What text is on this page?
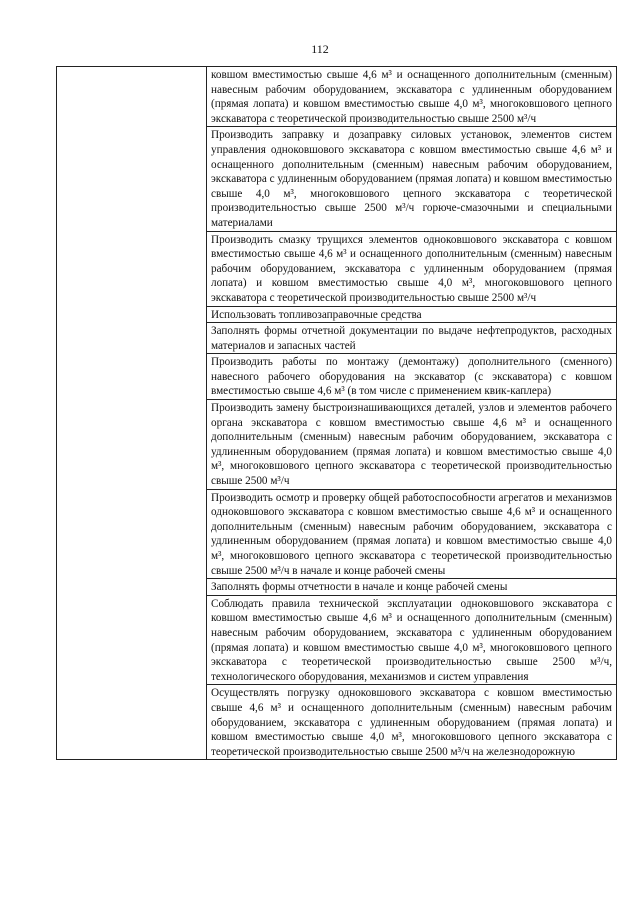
112
	ковшом вместимостью свыше 4,6 м³ и оснащенного дополнительным (сменным) навесным рабочим оборудованием, экскаватора с удлиненным оборудованием (прямая лопата) и ковшом вместимостью свыше 4,0 м³, многоковшового цепного экскаватора с теоретической производительностью свыше 2500 м³/ч
Производить заправку и дозаправку силовых установок, элементов систем управления одноковшового экскаватора с ковшом вместимостью свыше 4,6 м³ и оснащенного дополнительным (сменным) навесным рабочим оборудованием, экскаватора с удлиненным оборудованием (прямая лопата) и ковшом вместимостью свыше 4,0 м³, многоковшового цепного экскаватора с теоретической производительностью свыше 2500 м³/ч горюче-смазочными и специальными материалами
Производить смазку трущихся элементов одноковшового экскаватора с ковшом вместимостью свыше 4,6 м³ и оснащенного дополнительным (сменным) навесным рабочим оборудованием, экскаватора с удлиненным оборудованием (прямая лопата) и ковшом вместимостью свыше 4,0 м³, многоковшового цепного экскаватора с теоретической производительностью свыше 2500 м³/ч
Использовать топливозаправочные средства
Заполнять формы отчетной документации по выдаче нефтепродуктов, расходных материалов и запасных частей
Производить работы по монтажу (демонтажу) дополнительного (сменного) навесного рабочего оборудования на экскаватор (с экскаватора) с ковшом вместимостью свыше 4,6 м³ (в том числе с применением квик-каплера)
Производить замену быстроизнашивающихся деталей, узлов и элементов рабочего органа экскаватора с ковшом вместимостью свыше 4,6 м³ и оснащенного дополнительным (сменным) навесным рабочим оборудованием, экскаватора с удлиненным оборудованием (прямая лопата) и ковшом вместимостью свыше 4,0 м³, многоковшового цепного экскаватора с теоретической производительностью свыше 2500 м³/ч
Производить осмотр и проверку общей работоспособности агрегатов и механизмов одноковшового экскаватора с ковшом вместимостью свыше 4,6 м³ и оснащенного дополнительным (сменным) навесным рабочим оборудованием, экскаватора с удлиненным оборудованием (прямая лопата) и ковшом вместимостью свыше 4,0 м³, многоковшового цепного экскаватора с теоретической производительностью свыше 2500 м³/ч в начале и конце рабочей смены
Заполнять формы отчетности в начале и конце рабочей смены
Соблюдать правила технической эксплуатации одноковшового экскаватора с ковшом вместимостью свыше 4,6 м³ и оснащенного дополнительным (сменным) навесным рабочим оборудованием, экскаватора с удлиненным оборудованием (прямая лопата) и ковшом вместимостью свыше 4,0 м³, многоковшового цепного экскаватора с теоретической производительностью свыше 2500 м³/ч, технологического оборудования, механизмов и систем управления
Осуществлять погрузку одноковшового экскаватора с ковшом вместимостью свыше 4,6 м³ и оснащенного дополнительным (сменным) навесным рабочим оборудованием, экскаватора с удлиненным оборудованием (прямая лопата) и ковшом вместимостью свыше 4,0 м³, многоковшового цепного экскаватора с теоретической производительностью свыше 2500 м³/ч на железнодорожную
